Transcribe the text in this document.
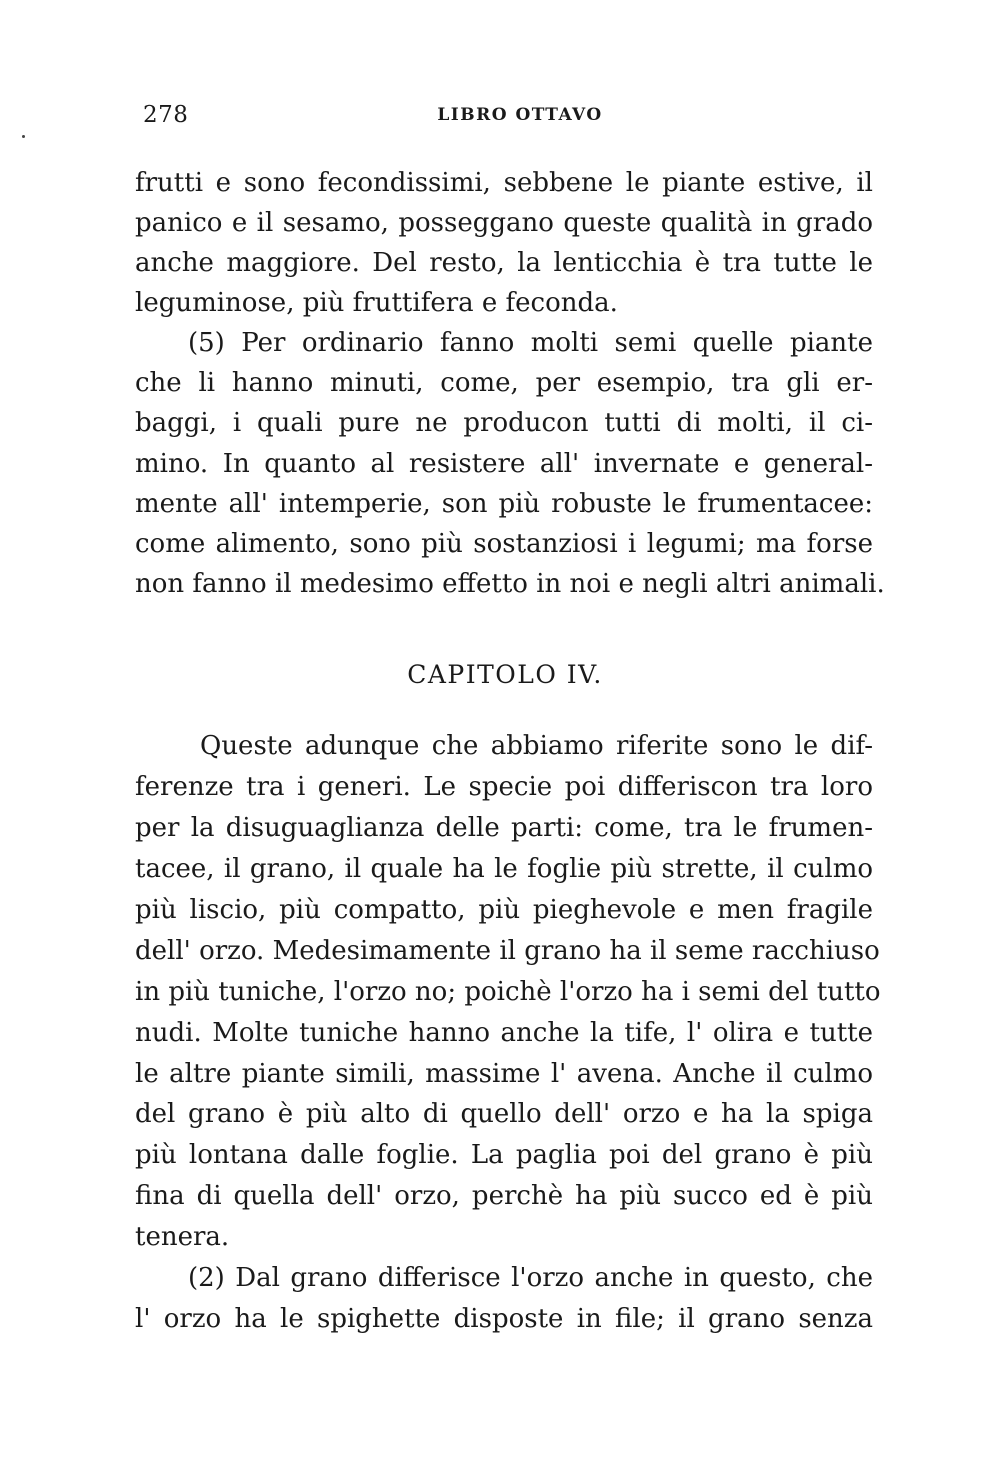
278	LIBRO OTTAVO
frutti e sono fecondissimi, sebbene le piante estive, il
panico e il sesamo, posseggano queste qualità in grado
anche maggiore. Del resto, la lenticchia è tra tutte le
leguminose, più fruttifera e feconda.
(5) Per ordinario fanno molti semi quelle piante
che li hanno minuti, come, per esempio, tra gli er-
baggi, i quali pure ne producon tutti di molti, il ci-
mino. In quanto al resistere all' invernate e general-
mente all' intemperie, son più robuste le frumentacee:
come alimento, sono più sostanziosi i legumi; ma forse
non fanno il medesimo effetto in noi e negli altri animali.
CAPITOLO IV.
Queste adunque che abbiamo riferite sono le dif-
ferenze tra i generi. Le specie poi differiscon tra loro
per la disuguaglianza delle parti: come, tra le frumen-
tacee, il grano, il quale ha le foglie più strette, il culmo
più liscio, più compatto, più pieghevole e men fragile
dell' orzo. Medesimamente il grano ha il seme racchiuso
in più tuniche, l'orzo no; poichè l'orzo ha i semi del tutto
nudi. Molte tuniche hanno anche la tife, l' olira e tutte
le altre piante simili, massime l' avena. Anche il culmo
del grano è più alto di quello dell' orzo e ha la spiga
più lontana dalle foglie. La paglia poi del grano è più
fina di quella dell' orzo, perchè ha più succo ed è più
tenera.
(2) Dal grano differisce l'orzo anche in questo, che
l' orzo ha le spighette disposte in file; il grano senza
